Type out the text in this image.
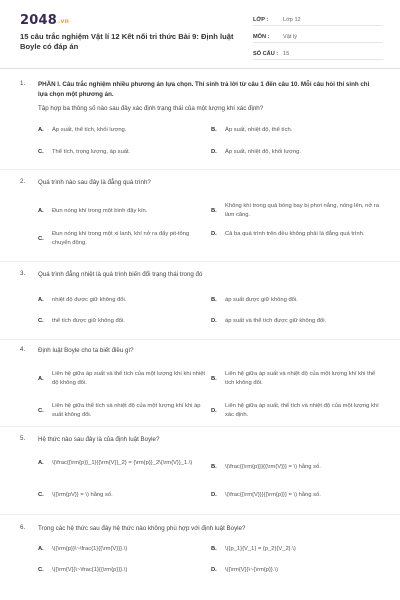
2048.vn
15 câu trắc nghiệm Vật lí 12 Kết nối tri thức Bài 9: Định luật Boyle có đáp án
LỚP :	Lớp 12
MÔN :	Vật lý
SỐ CÂU : 15
1. PHẦN I. Câu trắc nghiệm nhiều phương án lựa chọn. Thí sinh trả lời từ câu 1 đến câu 10. Mỗi câu hỏi thí sinh chỉ lựa chọn một phương án.
Tập hợp ba thông số nào sau đây xác định trạng thái của một lượng khí xác định?
A.	Áp suất, thể tích, khối lượng.	B.	Áp suất, nhiệt độ, thể tích.
C.	Thể tích, trọng lượng, áp suất.	D.	Áp suất, nhiệt độ, khối lượng.
2. Quá trình nào sau đây là đẳng quá trình?
A.	Đun nóng khí trong một bình đậy kín.	B.
Không khí trong quả bóng bay bị phơi nắng, nóng lên, nở ra làm căng.
C.
Đun nóng khí trong một xi lanh, khí nở ra đẩy pit-tông chuyển động.
D.	Cả ba quá trình trên đều không phải là đẳng quá trình.
3. Quá trình đẳng nhiệt là quá trình biến đổi trạng thái trong đó
A.	nhiệt độ được giữ không đổi.	B.	áp suất được giữ không đổi.
C.	thể tích được giữ không đổi.	D.	áp suất và thể tích được giữ không đổi.
4. Định luật Boyle cho ta biết điều gì?
A.
Liên hệ giữa áp suất và thể tích của một lượng khí khi nhiệt độ không đổi.
B.
Liên hệ giữa áp suất và nhiệt độ của một lượng khí khi thể tích không đổi.
C.
Liên hệ giữa thể tích và nhiệt độ của một lượng khí khi áp suất không đổi.
D.
Liên hệ giữa áp suất, thể tích và nhiệt độ của một lượng khí xác định.
5. Hệ thức nào sau đây là của định luật Boyle?
A.	\(\frac{{\rm{p}}_1}{{\rm{V}}_2} = {\rm{p}}_2\{\rm{V}}_1.\)
B.	\(\frac{{\rm{p}}}{{\rm{V}}} = \) hằng số.
C.	\({\rm{pV}} = \) hằng số.	D.	\(\frac{{\rm{V}}}{{\rm{p}}} = \) hằng số.
6. Trong các hệ thức sau đây hệ thức nào không phù hợp với định luật Boyle?
A.	\({\rm{p}}\~\frac{1}{{\rm{V}}}.\)	B.	\({p_1}{V_1} = {p_2}{V_2}.\)
C.	\({\rm{V}}\~\frac{1}{{\rm{p}}}.\)	D.	\({\rm{V}}\~{\rm{p}}.\)
